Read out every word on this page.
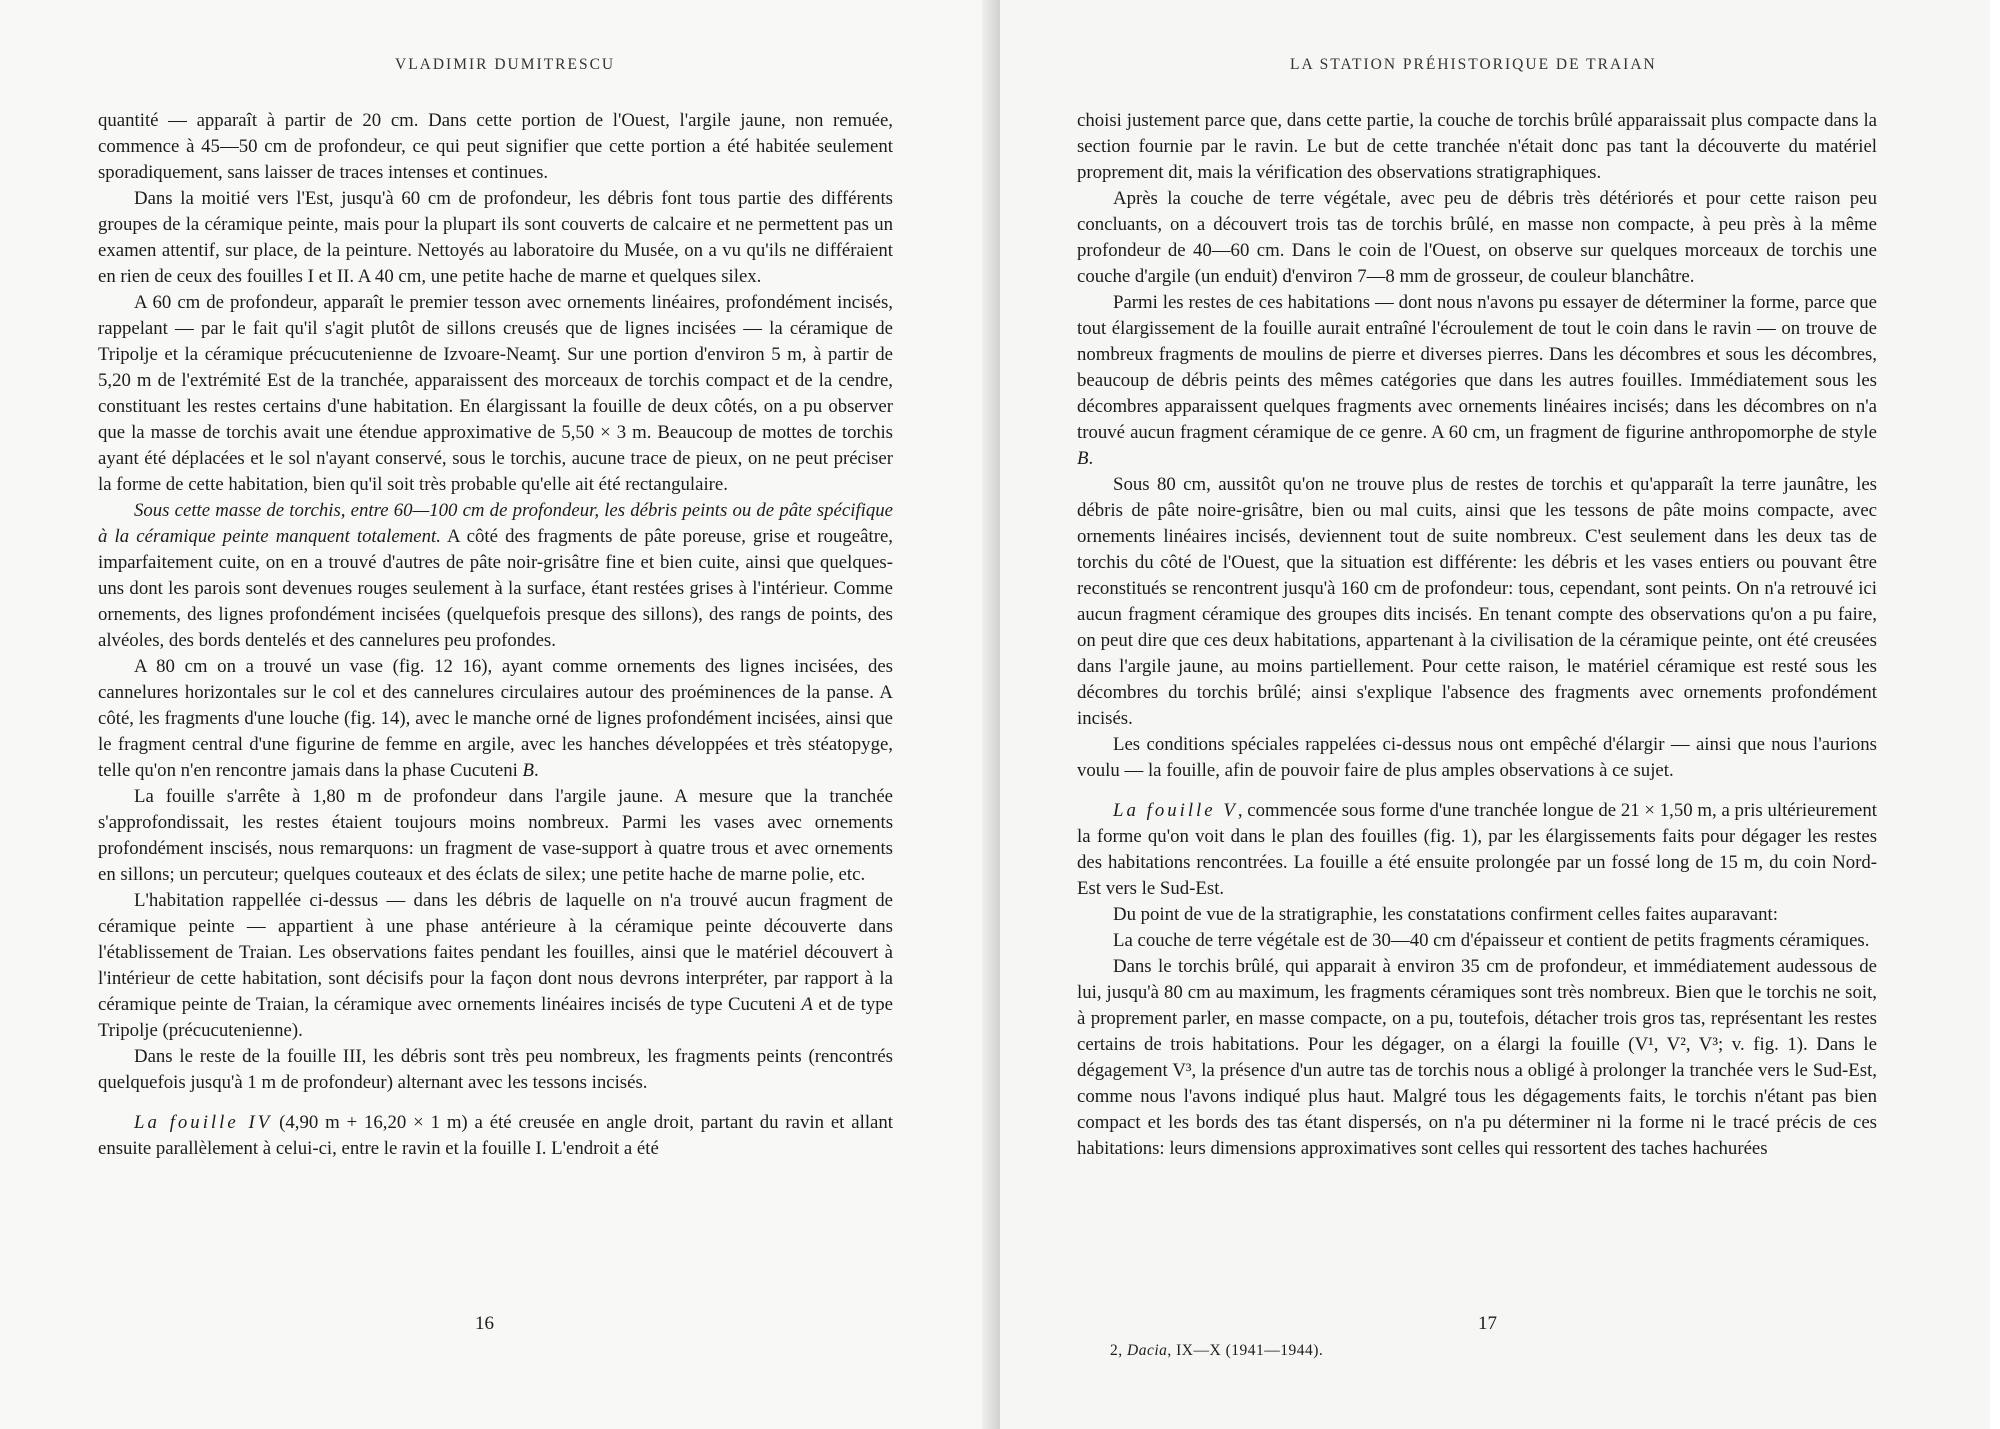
VLADIMIR DUMITRESCU

quantité — apparaît à partir de 20 cm. Dans cette portion de l'Ouest, l'argile jaune, non remuée, commence à 45—50 cm de profondeur, ce qui peut signifier que cette portion a été habitée seulement sporadiquement, sans laisser de traces intenses et continues.

Dans la moitié vers l'Est, jusqu'à 60 cm de profondeur, les débris font tous partie des différents groupes de la céramique peinte, mais pour la plupart ils sont couverts de calcaire et ne permettent pas un examen attentif, sur place, de la peinture. Nettoyés au laboratoire du Musée, on a vu qu'ils ne différaient en rien de ceux des fouilles I et II. A 40 cm, une petite hache de marne et quelques silex.

A 60 cm de profondeur, apparaît le premier tesson avec ornements linéaires, profondément incisés, rappelant — par le fait qu'il s'agit plutôt de sillons creusés que de lignes incisées — la céramique de Tripolje et la céramique précucutenienne de Izvoare-Neamţ. Sur une portion d'environ 5 m, à partir de 5,20 m de l'extrémité Est de la tranchée, apparaissent des morceaux de torchis compact et de la cendre, constituant les restes certains d'une habitation. En élargissant la fouille de deux côtés, on a pu observer que la masse de torchis avait une étendue approximative de 5,50 × 3 m. Beaucoup de mottes de torchis ayant été déplacées et le sol n'ayant conservé, sous le torchis, aucune trace de pieux, on ne peut préciser la forme de cette habitation, bien qu'il soit très probable qu'elle ait été rectangulaire.

Sous cette masse de torchis, entre 60—100 cm de profondeur, les débris peints ou de pâte spécifique à la céramique peinte manquent totalement. A côté des fragments de pâte poreuse, grise et rougeâtre, imparfaitement cuite, on en a trouvé d'autres de pâte noir-grisâtre fine et bien cuite, ainsi que quelques-uns dont les parois sont devenues rouges seulement à la surface, étant restées grises à l'intérieur. Comme ornements, des lignes profondément incisées (quelquefois presque des sillons), des rangs de points, des alvéoles, des bords dentelés et des cannelures peu profondes.

A 80 cm on a trouvé un vase (fig. 12 16), ayant comme ornements des lignes incisées, des cannelures horizontales sur le col et des cannelures circulaires autour des proéminences de la panse. A côté, les fragments d'une louche (fig. 14), avec le manche orné de lignes profondément incisées, ainsi que le fragment central d'une figurine de femme en argile, avec les hanches développées et très stéatopyge, telle qu'on n'en rencontre jamais dans la phase Cucuteni B.

La fouille s'arrête à 1,80 m de profondeur dans l'argile jaune. A mesure que la tranchée s'approfondissait, les restes étaient toujours moins nombreux. Parmi les vases avec ornements profondément inscisés, nous remarquons: un fragment de vase-support à quatre trous et avec ornements en sillons; un percuteur; quelques couteaux et des éclats de silex; une petite hache de marne polie, etc.

L'habitation rappellée ci-dessus — dans les débris de laquelle on n'a trouvé aucun fragment de céramique peinte — appartient à une phase antérieure à la céramique peinte découverte dans l'établissement de Traian. Les observations faites pendant les fouilles, ainsi que le matériel découvert à l'intérieur de cette habitation, sont décisifs pour la façon dont nous devrons interpréter, par rapport à la céramique peinte de Traian, la céramique avec ornements linéaires incisés de type Cucuteni A et de type Tripolje (précucutenienne).

Dans le reste de la fouille III, les débris sont très peu nombreux, les fragments peints (rencontrés quelquefois jusqu'à 1 m de profondeur) alternant avec les tessons incisés.

La fouille IV (4,90 m + 16,20 × 1 m) a été creusée en angle droit, partant du ravin et allant ensuite parallèlement à celui-ci, entre le ravin et la fouille I. L'endroit a été

16
LA STATION PRÉHISTORIQUE DE TRAIAN

choisi justement parce que, dans cette partie, la couche de torchis brûlé apparaissait plus compacte dans la section fournie par le ravin. Le but de cette tranchée n'était donc pas tant la découverte du matériel proprement dit, mais la vérification des observations stratigraphiques.

Après la couche de terre végétale, avec peu de débris très détériorés et pour cette raison peu concluants, on a découvert trois tas de torchis brûlé, en masse non compacte, à peu près à la même profondeur de 40—60 cm. Dans le coin de l'Ouest, on observe sur quelques morceaux de torchis une couche d'argile (un enduit) d'environ 7—8 mm de grosseur, de couleur blanchâtre.

Parmi les restes de ces habitations — dont nous n'avons pu essayer de déterminer la forme, parce que tout élargissement de la fouille aurait entraîné l'écroulement de tout le coin dans le ravin — on trouve de nombreux fragments de moulins de pierre et diverses pierres. Dans les décombres et sous les décombres, beaucoup de débris peints des mêmes catégories que dans les autres fouilles. Immédiatement sous les décombres apparaissent quelques fragments avec ornements linéaires incisés; dans les décombres on n'a trouvé aucun fragment céramique de ce genre. A 60 cm, un fragment de figurine anthropomorphe de style B.

Sous 80 cm, aussitôt qu'on ne trouve plus de restes de torchis et qu'apparaît la terre jaunâtre, les débris de pâte noire-grisâtre, bien ou mal cuits, ainsi que les tessons de pâte moins compacte, avec ornements linéaires incisés, deviennent tout de suite nombreux. C'est seulement dans les deux tas de torchis du côté de l'Ouest, que la situation est différente: les débris et les vases entiers ou pouvant être reconstitués se rencontrent jusqu'à 160 cm de profondeur: tous, cependant, sont peints. On n'a retrouvé ici aucun fragment céramique des groupes dits incisés. En tenant compte des observations qu'on a pu faire, on peut dire que ces deux habitations, appartenant à la civilisation de la céramique peinte, ont été creusées dans l'argile jaune, au moins partiellement. Pour cette raison, le matériel céramique est resté sous les décombres du torchis brûlé; ainsi s'explique l'absence des fragments avec ornements profondément incisés.

Les conditions spéciales rappelées ci-dessus nous ont empêché d'élargir — ainsi que nous l'aurions voulu — la fouille, afin de pouvoir faire de plus amples observations à ce sujet.

La fouille V, commencée sous forme d'une tranchée longue de 21 × 1,50 m, a pris ultérieurement la forme qu'on voit dans le plan des fouilles (fig. 1), par les élargissements faits pour dégager les restes des habitations rencontrées. La fouille a été ensuite prolongée par un fossé long de 15 m, du coin Nord-Est vers le Sud-Est.

Du point de vue de la stratigraphie, les constatations confirment celles faites auparavant:

La couche de terre végétale est de 30—40 cm d'épaisseur et contient de petits fragments céramiques.

Dans le torchis brûlé, qui apparait à environ 35 cm de profondeur, et immédiatement audessous de lui, jusqu'à 80 cm au maximum, les fragments céramiques sont très nombreux. Bien que le torchis ne soit, à proprement parler, en masse compacte, on a pu, toutefois, détacher trois gros tas, représentant les restes certains de trois habitations. Pour les dégager, on a élargi la fouille (V¹, V², V³; v. fig. 1). Dans le dégagement V³, la présence d'un autre tas de torchis nous a obligé à prolonger la tranchée vers le Sud-Est, comme nous l'avons indiqué plus haut. Malgré tous les dégagements faits, le torchis n'étant pas bien compact et les bords des tas étant dispersés, on n'a pu déterminer ni la forme ni le tracé précis de ces habitations: leurs dimensions approximatives sont celles qui ressortent des taches hachurées

17
2, Dacia, IX—X (1941—1944).
